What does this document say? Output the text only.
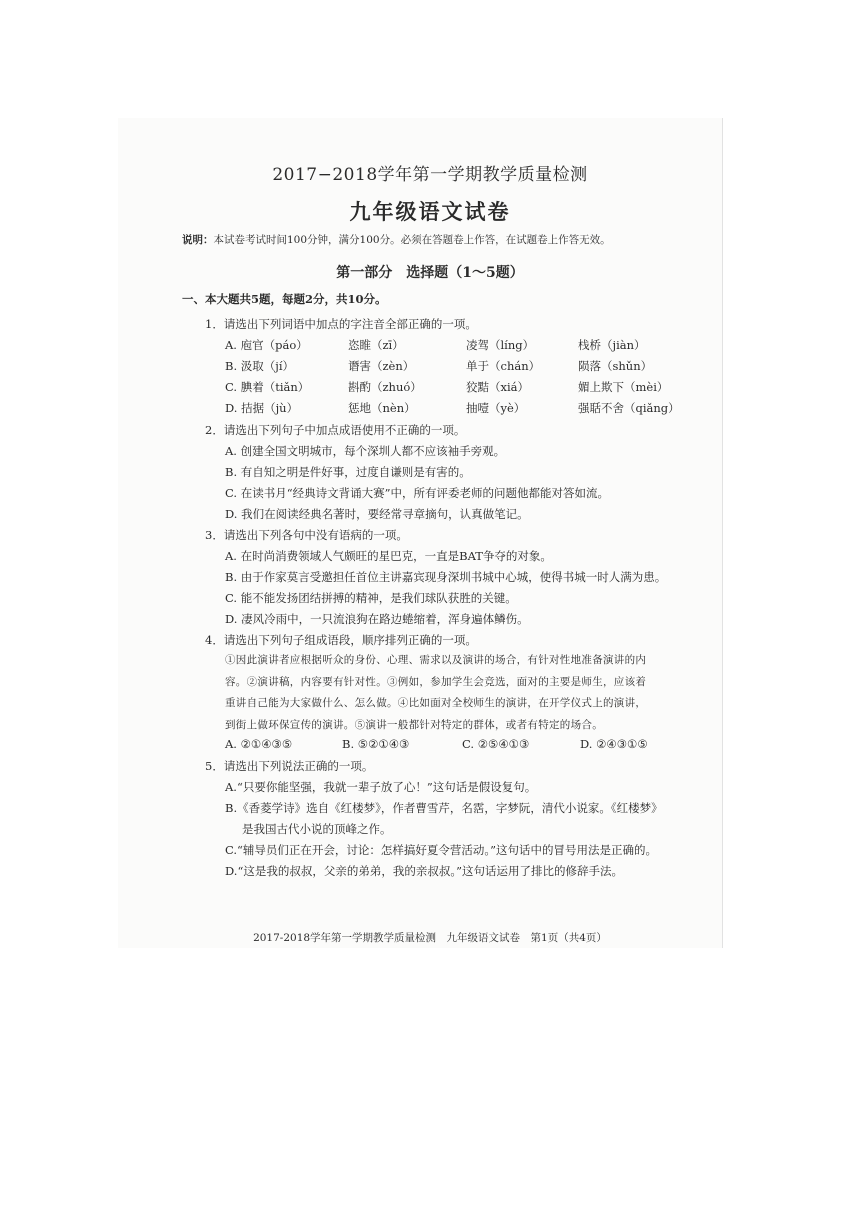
2017−2018学年第一学期教学质量检测
九年级语文试卷
说明：本试卷考试时间100分钟，满分100分。必须在答题卷上作答，在试题卷上作答无效。
第一部分　选择题（1～5题）
一、本大题共5题，每题2分，共10分。
1．请选出下列词语中加点的字注音全部正确的一项。
A. 庖官（páo）	恣睢（zī）	凌驾（líng）	栈桥（jiàn）
B. 汲取（jí）	谮害（zèn）	单于（chán）	陨落（shǔn）
C. 腆着（tiǎn）	斟酌（zhuó）	狡黠（xiá）	媚上欺下（mèi）
D. 拮据（jù）	惩地（nèn）	抽噎（yè）	强聒不舍（qiǎng）
2．请选出下列句子中加点成语使用不正确的一项。
A. 创建全国文明城市，每个深圳人都不应该袖手旁观。
B. 有自知之明是件好事，过度自谦则是有害的。
C. 在读书月“经典诗文背诵大赛”中，所有评委老师的问题他都能对答如流。
D. 我们在阅读经典名著时，要经常寻章摘句，认真做笔记。
3．请选出下列各句中没有语病的一项。
A. 在时尚消费领域人气颇旺的星巴克，一直是BAT争夺的对象。
B. 由于作家莫言受邀担任首位主讲嘉宾现身深圳书城中心城，使得书城一时人满为患。
C. 能不能发扬团结拼搏的精神，是我们球队获胜的关键。
D. 凄风冷雨中，一只流浪狗在路边蜷缩着，浑身遍体鳞伤。
4．请选出下列句子组成语段，顺序排列正确的一项。
①因此演讲者应根据听众的身份、心理、需求以及演讲的场合，有针对性地准备演讲的内
容。②演讲稿，内容要有针对性。③例如，参加学生会竞选，面对的主要是师生，应该着
重讲自己能为大家做什么、怎么做。④比如面对全校师生的演讲，在开学仪式上的演讲，
到街上做环保宣传的演讲。⑤演讲一般都针对特定的群体，或者有特定的场合。
A. ②①④③⑤	B. ⑤②①④③	C. ②⑤④①③	D. ②④③①⑤
5．请选出下列说法正确的一项。
A.“只要你能坚强，我就一辈子放了心！”这句话是假设复句。
B.《香菱学诗》选自《红楼梦》，作者曹雪芹，名霑，字梦阮，清代小说家。《红楼梦》
是我国古代小说的顶峰之作。
C.“辅导员们正在开会，讨论：怎样搞好夏令营活动。”这句话中的冒号用法是正确的。
D.“这是我的叔叔，父亲的弟弟，我的亲叔叔。”这句话运用了排比的修辞手法。
2017-2018学年第一学期教学质量检测　九年级语文试卷　第1页（共4页）
